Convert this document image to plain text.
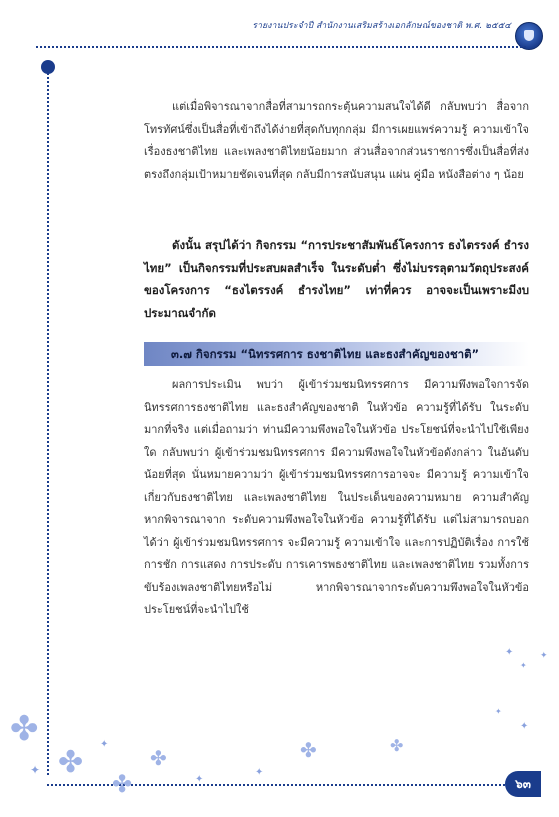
รายงานประจำปี สำนักงานเสริมสร้างเอกลักษณ์ของชาติ พ.ศ. ๒๕๕๔

แต่เมื่อพิจารณาจากสื่อที่สามารถกระตุ้นความสนใจได้ดี กลับพบว่า สื่อจากโทรทัศน์ซึ่งเป็นสื่อที่เข้าถึงได้ง่ายที่สุดกับทุกกลุ่ม มีการเผยแพร่ความรู้ ความเข้าใจ เรื่องธงชาติไทย และเพลงชาติไทยน้อยมาก ส่วนสื่อจากส่วนราชการซึ่งเป็นสื่อที่ส่งตรงถึงกลุ่มเป้าหมายชัดเจนที่สุด กลับมีการสนับสนุน แผ่น คู่มือ หนังสือต่าง ๆ น้อย

ดังนั้น สรุปได้ว่า กิจกรรม “การประชาสัมพันธ์โครงการ ธงไตรรงค์ ธำรงไทย” เป็นกิจกรรมที่ประสบผลสำเร็จ ในระดับต่ำ ซึ่งไม่บรรลุตามวัตถุประสงค์ของโครงการ “ธงไตรรงค์ ธำรงไทย” เท่าที่ควร อาจจะเป็นเพราะมีงบประมาณจำกัด

๓.๗ กิจกรรม “นิทรรศการ ธงชาติไทย และธงสำคัญของชาติ”

ผลการประเมิน พบว่า ผู้เข้าร่วมชมนิทรรศการ มีความพึงพอใจการจัดนิทรรศการธงชาติไทย และธงสำคัญของชาติ ในหัวข้อ ความรู้ที่ได้รับ ในระดับมากที่จริง แต่เมื่อถามว่า ท่านมีความพึงพอใจในหัวข้อ ประโยชน์ที่จะนำไปใช้เพียงใด กลับพบว่า ผู้เข้าร่วมชมนิทรรศการ มีความพึงพอใจในหัวข้อดังกล่าว ในอันดับน้อยที่สุด นั่นหมายความว่า ผู้เข้าร่วมชมนิทรรศการอาจจะ มีความรู้ ความเข้าใจ เกี่ยวกับธงชาติไทย และเพลงชาติไทย ในประเด็นของความหมาย ความสำคัญ หากพิจารณาจาก ระดับความพึงพอใจในหัวข้อ ความรู้ที่ได้รับ แต่ไม่สามารถบอกได้ว่า ผู้เข้าร่วมชมนิทรรศการ จะมีความรู้ ความเข้าใจ และการปฏิบัติเรื่อง การใช้ การชัก การแสดง การประดับ การเคารพธงชาติไทย และเพลงชาติไทย รวมทั้งการขับร้องเพลงชาติไทยหรือไม่ หากพิจารณาจากระดับความพึงพอใจในหัวข้อ ประโยชน์ที่จะนำไปใช้

๖๓
✤
✤
✤
✤	✤	✤
✦
✦
✦
✦
✦
✦
✦
✦
✦
